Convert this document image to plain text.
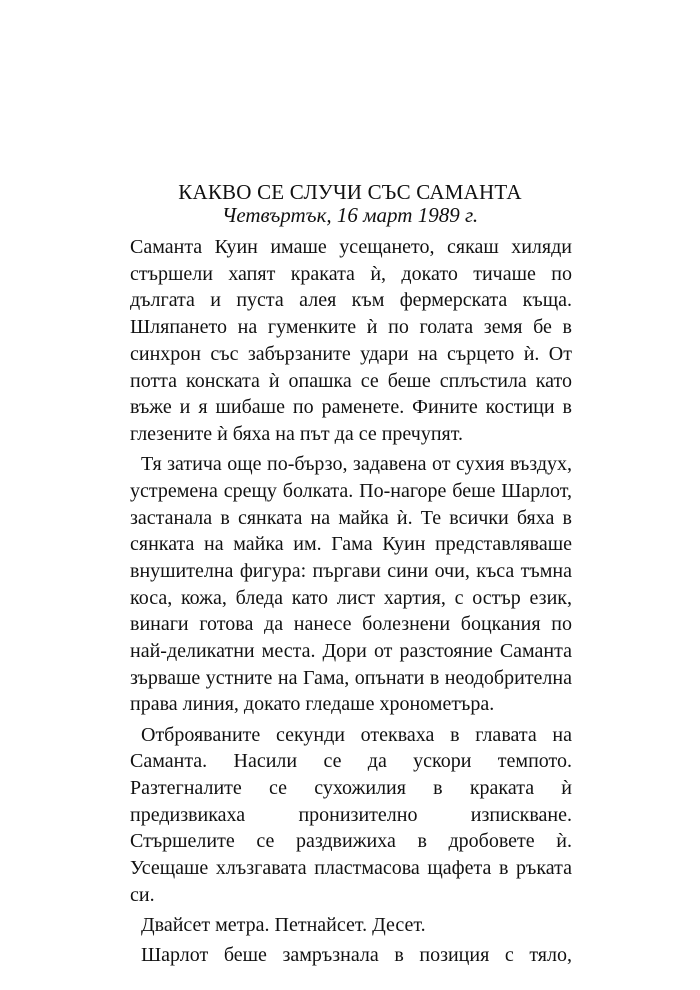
КАКВО СЕ СЛУЧИ СЪС САМАНТА
Четвъртък, 16 март 1989 г.

Саманта Куин имаше усещането, сякаш хиляди стършели хапят краката ѝ, докато тичаше по дългата и пуста алея към фермерската къща. Шляпането на гуменките ѝ по голата земя бе в синхрон със забързаните удари на сърцето ѝ. От потта конската ѝ опашка се беше сплъстила като въже и я шибаше по раменете. Фините костици в глезените ѝ бяха на път да се пречупят.

Тя затича още по-бързо, задавена от сухия въздух, устремена срещу болката. По-нагоре беше Шарлот, застанала в сянката на майка ѝ. Те всички бяха в сянката на майка им. Гама Куин представляваше внушителна фигура: пъргави сини очи, къса тъмна коса, кожа, бледа като лист хартия, с остър език, винаги готова да нанесе болезнени боцкания по най-деликатни места. Дори от разстояние Саманта зърваше устните на Гама, опънати в неодобрителна права линия, докато гледаше хронометъра.

Отброяваните секунди отекваха в главата на Саманта. Насили се да ускори темпото. Разтегналите се сухожилия в краката ѝ предизвикаха пронизително изпискване. Стършелите се раздвижиха в дробовете ѝ. Усещаше хлъзгавата пластмасова щафета в ръката си.

Двайсет метра. Петнайсет. Десет.

Шарлот беше замръзнала в позиция с тяло,
